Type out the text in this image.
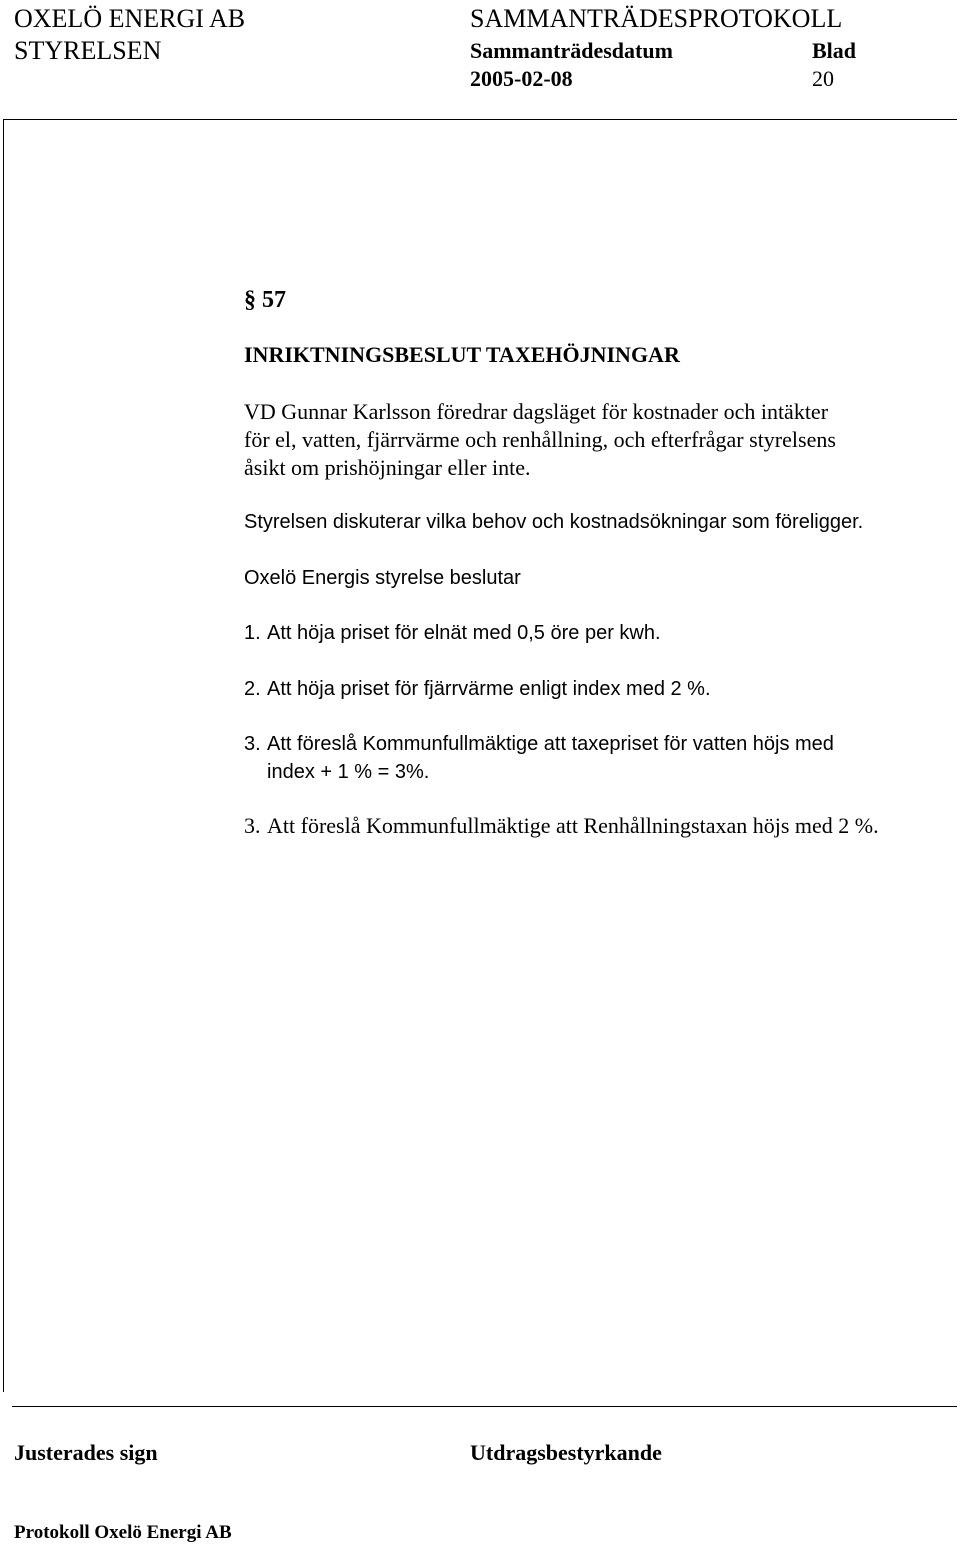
OXELÖ ENERGI AB
STYRELSEN
SAMMANTRÄDESPROTOKOLL
Sammanträdesdatum	Blad
2005-02-08	20
§ 57
INRIKTNINGSBESLUT TAXEHÖJNINGAR
VD Gunnar Karlsson föredrar dagsläget för kostnader och intäkter
för el, vatten, fjärrvärme och renhållning, och efterfrågar styrelsens
åsikt om prishöjningar eller inte.
Styrelsen diskuterar vilka behov och kostnadsökningar som föreligger.
Oxelö Energis styrelse beslutar
1. Att höja priset för elnät med 0,5 öre per kwh.
2. Att höja priset för fjärrvärme enligt index med 2 %.
3. Att föreslå Kommunfullmäktige att taxepriset för vatten höjs med
index + 1 % = 3%.
3. Att föreslå Kommunfullmäktige att Renhållningstaxan höjs med 2 %.
Justerades sign	Utdragsbestyrkande
Protokoll Oxelö Energi AB
